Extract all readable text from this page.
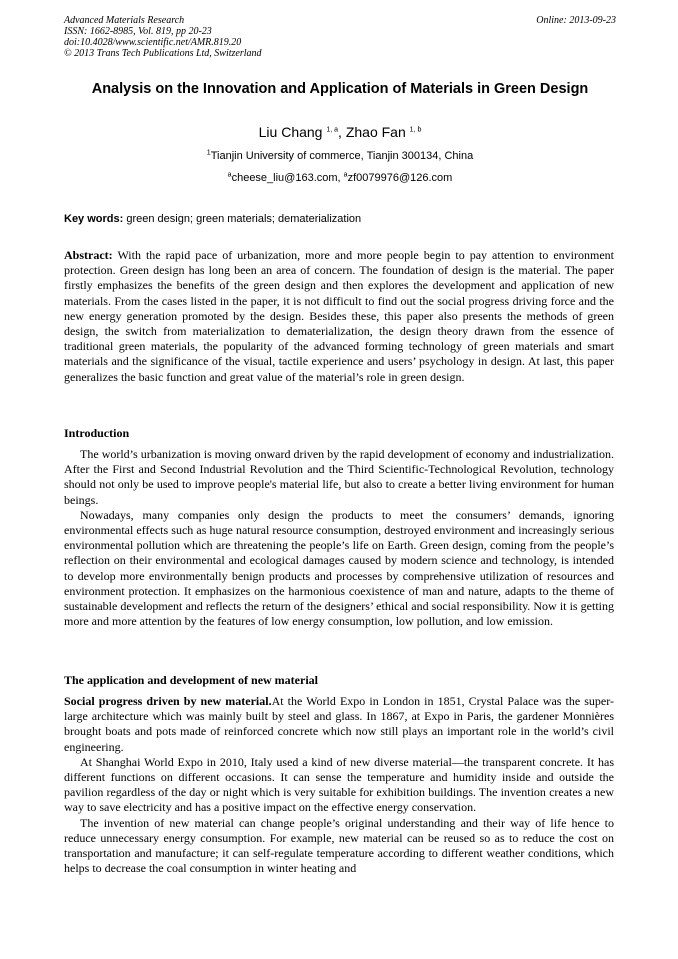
Advanced Materials Research
ISSN: 1662-8985, Vol. 819, pp 20-23
doi:10.4028/www.scientific.net/AMR.819.20
© 2013 Trans Tech Publications Ltd, Switzerland
Online: 2013-09-23
Analysis on the Innovation and Application of Materials in Green Design
Liu Chang $^{1, a}$, Zhao Fan $^{1, b}$
$^1$Tianjin University of commerce, Tianjin 300134, China
$^a$cheese_liu@163.com, $^a$zf0079976@126.com
Key words: green design; green materials; dematerialization

Abstract: With the rapid pace of urbanization, more and more people begin to pay attention to environment protection. Green design has long been an area of concern. The foundation of design is the material. The paper firstly emphasizes the benefits of the green design and then explores the development and application of new materials. From the cases listed in the paper, it is not difficult to find out the social progress driving force and the new energy generation promoted by the design. Besides these, this paper also presents the methods of green design, the switch from materialization to dematerialization, the design theory drawn from the essence of traditional green materials, the popularity of the advanced forming technology of green materials and smart materials and the significance of the visual, tactile experience and users’ psychology in design. At last, this paper generalizes the basic function and great value of the material’s role in green design.

Introduction

The world’s urbanization is moving onward driven by the rapid development of economy and industrialization. After the First and Second Industrial Revolution and the Third Scientific-Technological Revolution, technology should not only be used to improve people's material life, but also to create a better living environment for human beings.

Nowadays, many companies only design the products to meet the consumers’ demands, ignoring environmental effects such as huge natural resource consumption, destroyed environment and increasingly serious environmental pollution which are threatening the people’s life on Earth. Green design, coming from the people’s reflection on their environmental and ecological damages caused by modern science and technology, is intended to develop more environmentally benign products and processes by comprehensive utilization of resources and environment protection. It emphasizes on the harmonious coexistence of man and nature, adapts to the theme of sustainable development and reflects the return of the designers’ ethical and social responsibility. Now it is getting more and more attention by the features of low energy consumption, low pollution, and low emission.

The application and development of new material

Social progress driven by new material.At the World Expo in London in 1851, Crystal Palace was the super-large architecture which was mainly built by steel and glass. In 1867, at Expo in Paris, the gardener Monnières brought boats and pots made of reinforced concrete which now still plays an important role in the world’s civil engineering.

At Shanghai World Expo in 2010, Italy used a kind of new diverse material—the transparent concrete. It has different functions on different occasions. It can sense the temperature and humidity inside and outside the pavilion regardless of the day or night which is very suitable for exhibition buildings. The invention creates a new way to save electricity and has a positive impact on the effective energy conservation.

The invention of new material can change people’s original understanding and their way of life hence to reduce unnecessary energy consumption. For example, new material can be reused so as to reduce the cost on transportation and manufacture; it can self-regulate temperature according to different weather conditions, which helps to decrease the coal consumption in winter heating and
